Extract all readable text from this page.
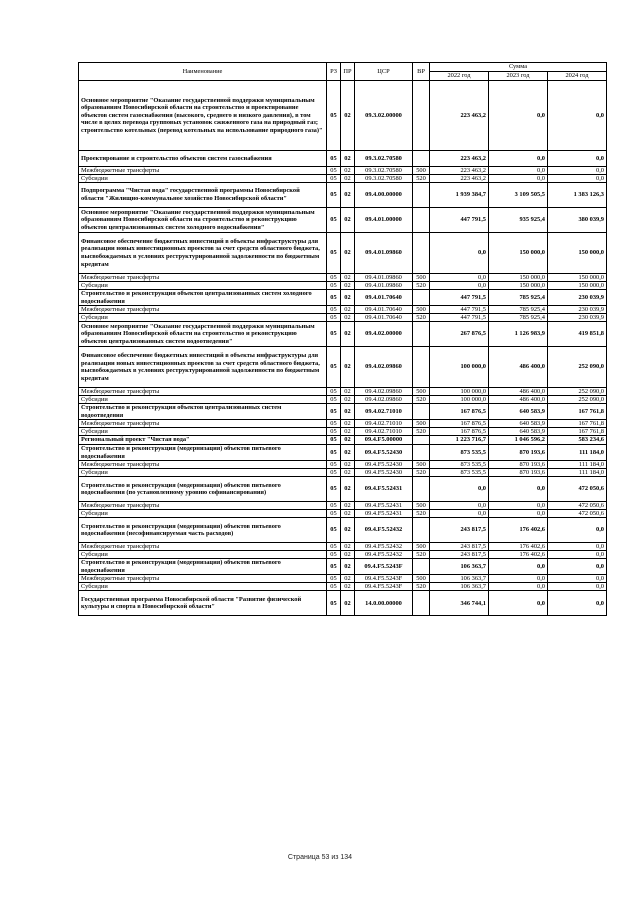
Наименование	РЗ	ПР	ЦСР	ВР	Сумма		
					2022 год	2023 год	2024 год
Основное мероприятие "Оказание государственной поддержки муниципальным образованиям Новосибирской области на строительство и проектирование объектов систем газоснабжения (высокого, среднего и низкого давления), в том числе в целях перевода групповых установок сжиженного газа на природный газ; строительство котельных (перевод котельных на использование природного газа)"	05	02	09.3.02.00000		223 463,2	0,0	0,0
Проектирование и строительство объектов систем газоснабжения	05	02	09.3.02.70580		223 463,2	0,0	0,0
Межбюджетные трансферты	05	02	09.3.02.70580	500	223 463,2	0,0	0,0
Субсидии	05	02	09.3.02.70580	520	223 463,2	0,0	0,0
Подпрограмма "Чистая вода" государственной программы Новосибирской области "Жилищно-коммунальное хозяйство Новосибирской области"	05	02	09.4.00.00000		1 939 384,7	3 109 505,5	1 383 126,3
Основное мероприятие "Оказание государственной поддержки муниципальным образованиям Новосибирской области на строительство и реконструкцию объектов централизованных систем холодного водоснабжения"	05	02	09.4.01.00000		447 791,5	935 925,4	380 039,9
Финансовое обеспечение бюджетных инвестиций в объекты инфраструктуры для реализации новых инвестиционных проектов за счет средств областного бюджета, высвобождаемых в условиях реструктурированной задолженности по бюджетным кредитам	05	02	09.4.01.09860		0,0	150 000,0	150 000,0
Межбюджетные трансферты	05	02	09.4.01.09860	500	0,0	150 000,0	150 000,0
Субсидии	05	02	09.4.01.09860	520	0,0	150 000,0	150 000,0
Строительство и реконструкция объектов централизованных систем холодного водоснабжения	05	02	09.4.01.70640		447 791,5	785 925,4	230 039,9
Межбюджетные трансферты	05	02	09.4.01.70640	500	447 791,5	785 925,4	230 039,9
Субсидии	05	02	09.4.01.70640	520	447 791,5	785 925,4	230 039,9
Основное мероприятие "Оказание государственной поддержки муниципальным образованиям Новосибирской области на строительство и реконструкцию объектов централизованных систем водоотведения"	05	02	09.4.02.00000		267 876,5	1 126 983,9	419 851,8
Финансовое обеспечение бюджетных инвестиций в объекты инфраструктуры для реализации новых инвестиционных проектов за счет средств областного бюджета, высвобождаемых в условиях реструктурированной задолженности по бюджетным кредитам	05	02	09.4.02.09860		100 000,0	486 400,0	252 090,0
Межбюджетные трансферты	05	02	09.4.02.09860	500	100 000,0	486 400,0	252 090,0
Субсидии	05	02	09.4.02.09860	520	100 000,0	486 400,0	252 090,0
Строительство и реконструкция объектов централизованных систем водоотведения	05	02	09.4.02.71010		167 876,5	640 583,9	167 761,8
Межбюджетные трансферты	05	02	09.4.02.71010	500	167 876,5	640 583,9	167 761,8
Субсидии	05	02	09.4.02.71010	520	167 876,5	640 583,9	167 761,8
Региональный проект "Чистая вода"	05	02	09.4.F5.00000		1 223 716,7	1 046 596,2	583 234,6
Строительство и реконструкция (модернизация) объектов питьевого водоснабжения	05	02	09.4.F5.52430		873 535,5	870 193,6	111 184,0
Межбюджетные трансферты	05	02	09.4.F5.52430	500	873 535,5	870 193,6	111 184,0
Субсидии	05	02	09.4.F5.52430	520	873 535,5	870 193,6	111 184,0
Строительство и реконструкция (модернизация) объектов питьевого водоснабжения (по установленному уровню софинансирования)	05	02	09.4.F5.52431		0,0	0,0	472 050,6
Межбюджетные трансферты	05	02	09.4.F5.52431	500	0,0	0,0	472 050,6
Субсидии	05	02	09.4.F5.52431	520	0,0	0,0	472 050,6
Строительство и реконструкция (модернизация) объектов питьевого водоснабжения (несофинансируемая часть расходов)	05	02	09.4.F5.52432		243 817,5	176 402,6	0,0
Межбюджетные трансферты	05	02	09.4.F5.52432	500	243 817,5	176 402,6	0,0
Субсидии	05	02	09.4.F5.52432	520	243 817,5	176 402,6	0,0
Строительство и реконструкция (модернизация) объектов питьевого водоснабжения	05	02	09.4.F5.5243F		106 363,7	0,0	0,0
Межбюджетные трансферты	05	02	09.4.F5.5243F	500	106 363,7	0,0	0,0
Субсидии	05	02	09.4.F5.5243F	520	106 363,7	0,0	0,0
Государственная программа Новосибирской области "Развитие физической культуры и спорта в Новосибирской области"	05	02	14.0.00.00000		346 744,1	0,0	0,0
Страница 53 из 134
